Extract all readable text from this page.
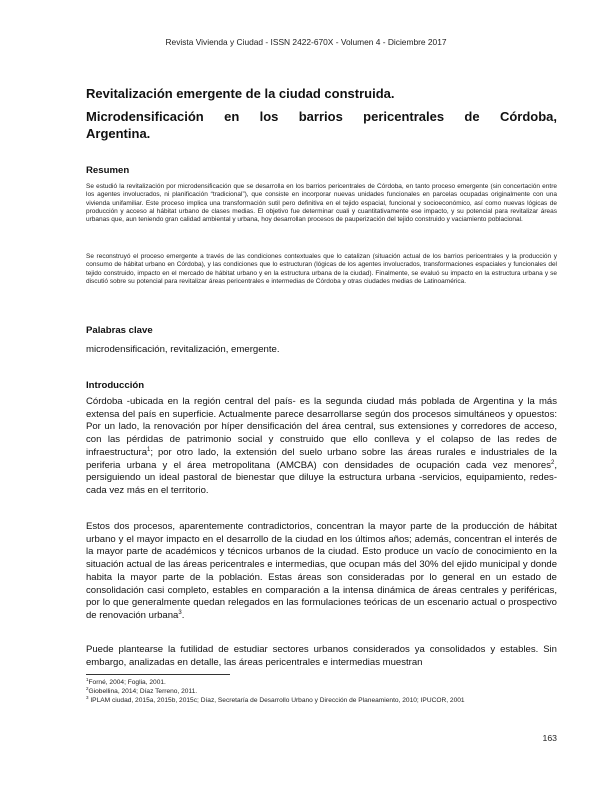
Revista Vivienda y Ciudad - ISSN 2422-670X - Volumen 4 - Diciembre 2017
Revitalización emergente de la ciudad construida.
Microdensificación en los barrios pericentrales de Córdoba,
Argentina.
Resumen

Se estudió la revitalización por microdensificación que se desarrolla en los barrios pericentrales de Córdoba, en tanto proceso emergente (sin concertación entre los agentes involucrados, ni planificación “tradicional”), que consiste en incorporar nuevas unidades funcionales en parcelas ocupadas originalmente con una vivienda unifamiliar. Este proceso implica una transformación sutil pero definitiva en el tejido espacial, funcional y socioeconómico, así como nuevas lógicas de producción y acceso al hábitat urbano de clases medias. El objetivo fue determinar cuali y cuantitativamente ese impacto, y su potencial para revitalizar áreas urbanas que, aun teniendo gran calidad ambiental y urbana, hoy desarrollan procesos de pauperización del tejido construido y vaciamiento poblacional.

Se reconstruyó el proceso emergente a través de las condiciones contextuales que lo catalizan (situación actual de los barrios pericentrales y la producción y consumo de hábitat urbano en Córdoba), y las condiciones que lo estructuran (lógicas de los agentes involucrados, transformaciones espaciales y funcionales del tejido construido, impacto en el mercado de hábitat urbano y en la estructura urbana de la ciudad). Finalmente, se evaluó su impacto en la estructura urbana y se discutió sobre su potencial para revitalizar áreas pericentrales e intermedias de Córdoba y otras ciudades medias de Latinoamérica.

Palabras clave

microdensificación, revitalización, emergente.

Introducción

Córdoba -ubicada en la región central del país- es la segunda ciudad más poblada de Argentina y la más extensa del país en superficie. Actualmente parece desarrollarse según dos procesos simultáneos y opuestos: Por un lado, la renovación por híper densificación del área central, sus extensiones y corredores de acceso, con las pérdidas de patrimonio social y construido que ello conlleva y el colapso de las redes de infraestructura$^1$; por otro lado, la extensión del suelo urbano sobre las áreas rurales e industriales de la periferia urbana y el área metropolitana (AMCBA) con densidades de ocupación cada vez menores$^2$, persiguiendo un ideal pastoral de bienestar que diluye la estructura urbana -servicios, equipamiento, redes- cada vez más en el territorio.

Estos dos procesos, aparentemente contradictorios, concentran la mayor parte de la producción de hábitat urbano y el mayor impacto en el desarrollo de la ciudad en los últimos años; además, concentran el interés de la mayor parte de académicos y técnicos urbanos de la ciudad. Esto produce un vacío de conocimiento en la situación actual de las áreas pericentrales e intermedias, que ocupan más del 30% del ejido municipal y donde habita la mayor parte de la población. Estas áreas son consideradas por lo general en un estado de consolidación casi completo, estables en comparación a la intensa dinámica de áreas centrales y periféricas, por lo que generalmente quedan relegados en las formulaciones teóricas de un escenario actual o prospectivo de renovación urbana$^3$.

Puede plantearse la futilidad de estudiar sectores urbanos considerados ya consolidados y estables. Sin embargo, analizadas en detalle, las áreas pericentrales e intermedias muestran

$^1$Forné, 2004; Foglia, 2001.
$^2$Giobellina, 2014; Díaz Terreno, 2011.
$^3$ IPLAM ciudad, 2015a, 2015b, 2015c; Díaz, Secretaría de Desarrollo Urbano y Dirección de Planeamiento, 2010; IPUCOR, 2001
163
